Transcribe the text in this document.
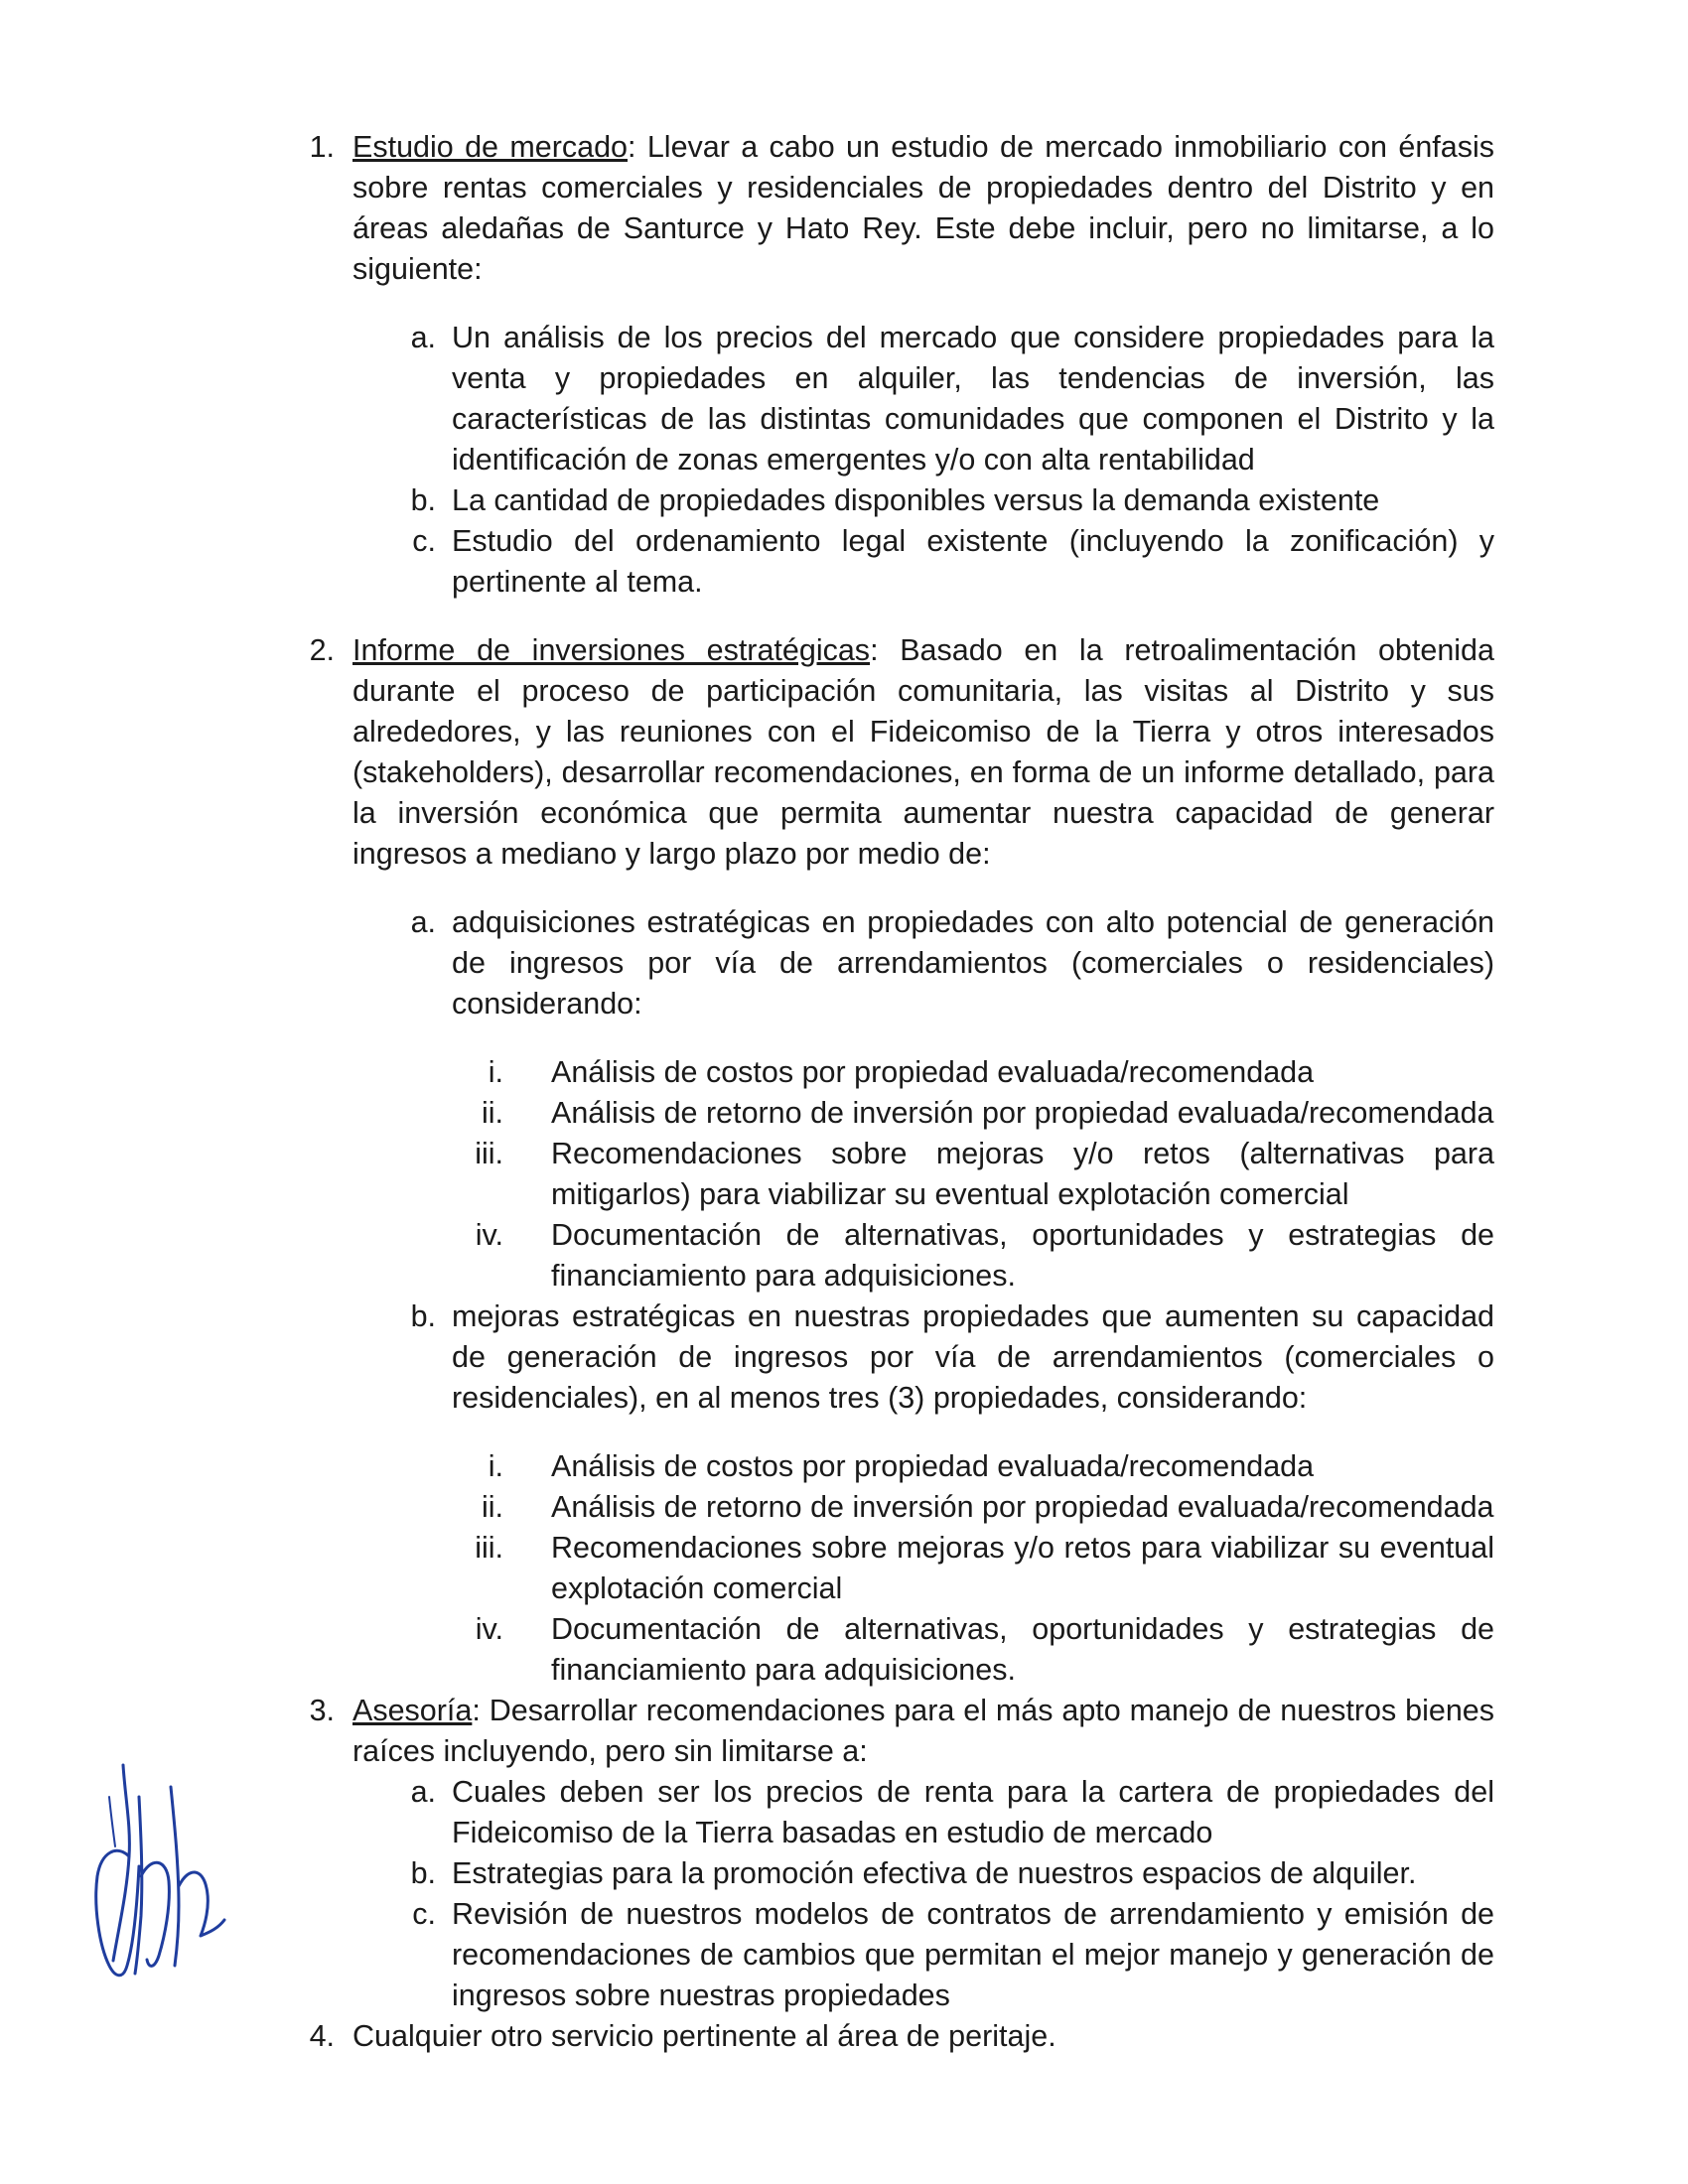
1. Estudio de mercado: Llevar a cabo un estudio de mercado inmobiliario con énfasis sobre rentas comerciales y residenciales de propiedades dentro del Distrito y en áreas aledañas de Santurce y Hato Rey. Este debe incluir, pero no limitarse, a lo siguiente:

a. Un análisis de los precios del mercado que considere propiedades para la venta y propiedades en alquiler, las tendencias de inversión, las características de las distintas comunidades que componen el Distrito y la identificación de zonas emergentes y/o con alta rentabilidad

b. La cantidad de propiedades disponibles versus la demanda existente

c. Estudio del ordenamiento legal existente (incluyendo la zonificación) y pertinente al tema.

2. Informe de inversiones estratégicas: Basado en la retroalimentación obtenida durante el proceso de participación comunitaria, las visitas al Distrito y sus alrededores, y las reuniones con el Fideicomiso de la Tierra y otros interesados (stakeholders), desarrollar recomendaciones, en forma de un informe detallado, para la inversión económica que permita aumentar nuestra capacidad de generar ingresos a mediano y largo plazo por medio de:

a. adquisiciones estratégicas en propiedades con alto potencial de generación de ingresos por vía de arrendamientos (comerciales o residenciales) considerando:

i. Análisis de costos por propiedad evaluada/recomendada

ii. Análisis de retorno de inversión por propiedad evaluada/recomendada

iii. Recomendaciones sobre mejoras y/o retos (alternativas para mitigarlos) para viabilizar su eventual explotación comercial

iv. Documentación de alternativas, oportunidades y estrategias de financiamiento para adquisiciones.

b. mejoras estratégicas en nuestras propiedades que aumenten su capacidad de generación de ingresos por vía de arrendamientos (comerciales o residenciales), en al menos tres (3) propiedades, considerando:

i. Análisis de costos por propiedad evaluada/recomendada

ii. Análisis de retorno de inversión por propiedad evaluada/recomendada

iii. Recomendaciones sobre mejoras y/o retos para viabilizar su eventual explotación comercial

iv. Documentación de alternativas, oportunidades y estrategias de financiamiento para adquisiciones.

3. Asesoría: Desarrollar recomendaciones para el más apto manejo de nuestros bienes raíces incluyendo, pero sin limitarse a:

a. Cuales deben ser los precios de renta para la cartera de propiedades del Fideicomiso de la Tierra basadas en estudio de mercado

b. Estrategias para la promoción efectiva de nuestros espacios de alquiler.

c. Revisión de nuestros modelos de contratos de arrendamiento y emisión de recomendaciones de cambios que permitan el mejor manejo y generación de ingresos sobre nuestras propiedades

4. Cualquier otro servicio pertinente al área de peritaje.
